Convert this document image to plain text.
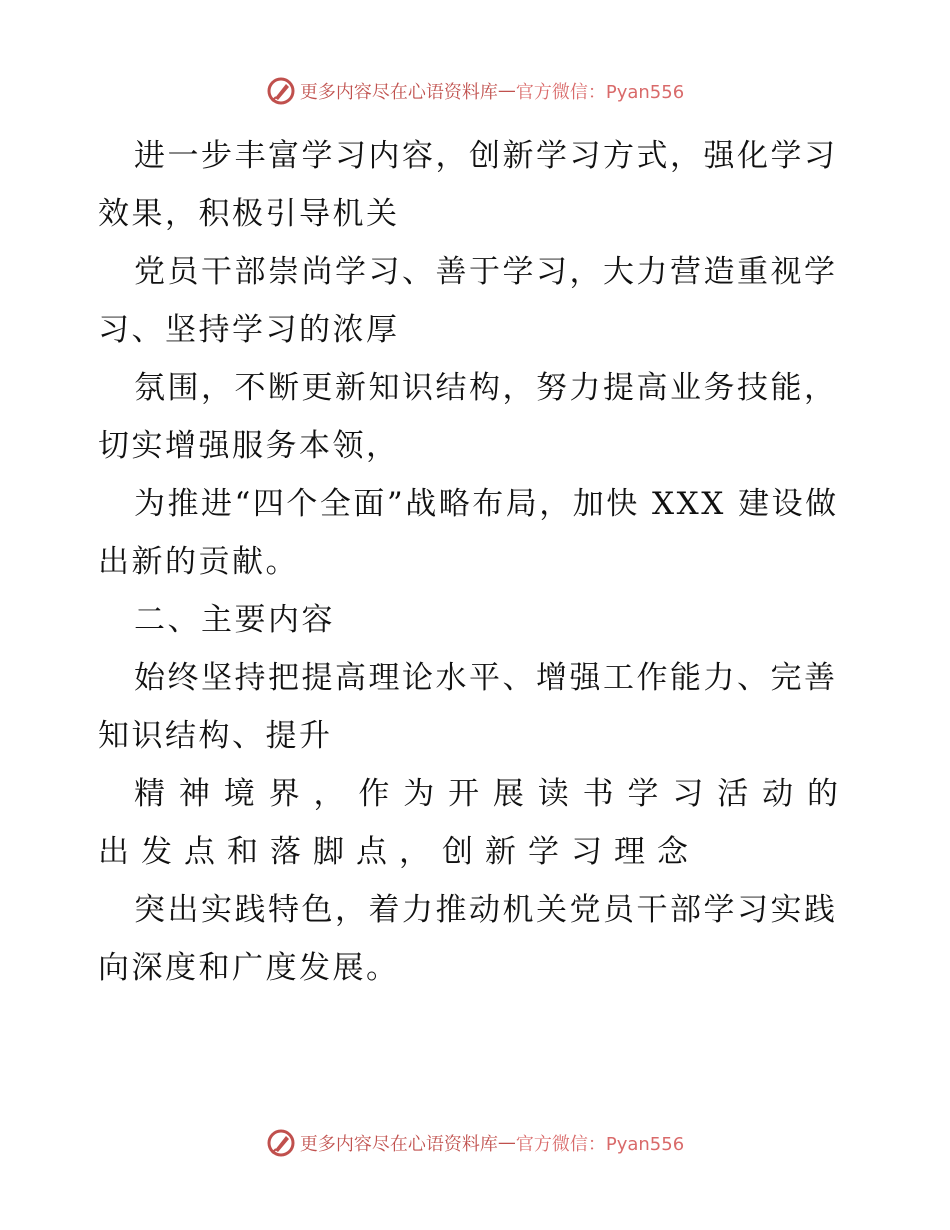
更多内容尽在心语资料库—官方微信：Pyan556

进一步丰富学习内容，创新学习方式，强化学习效果，积极引导机关

党员干部崇尚学习、善于学习，大力营造重视学习、坚持学习的浓厚

氛围，不断更新知识结构，努力提高业务技能，切实增强服务本领，

为推进“四个全面”战略布局，加快 XXX 建设做出新的贡献。

二、主要内容

始终坚持把提高理论水平、增强工作能力、完善知识结构、提升

精神境界，作为开展读书学习活动的出发点和落脚点，创新学习理念

突出实践特色，着力推动机关党员干部学习实践向深度和广度发展。

更多内容尽在心语资料库—官方微信：Pyan556
